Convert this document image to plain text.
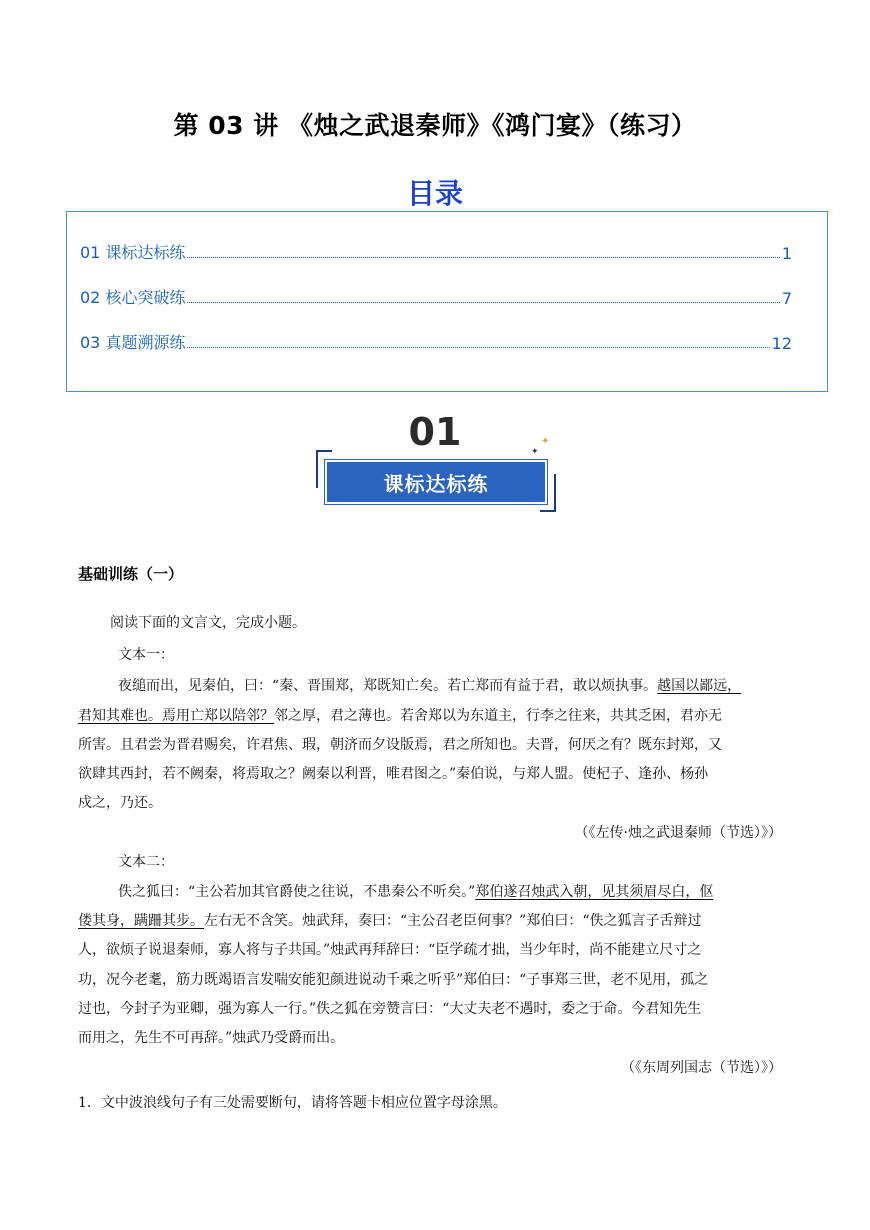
第 03 讲 《烛之武退秦师》《鸿门宴》（练习）
目录
01 课标达标练	1
02 核心突破练	7
03 真题溯源练	12
01	✦
✦
课标达标练
基础训练（一）
阅读下面的文言文，完成小题。
文本一：
夜缒而出，见秦伯，曰：“秦、晋围郑，郑既知亡矣。若亡郑而有益于君，敢以烦执事。越国以鄙远，
君知其难也。焉用亡郑以陪邻？邻之厚，君之薄也。若舍郑以为东道主，行李之往来，共其乏困，君亦无
所害。且君尝为晋君赐矣，许君焦、瑕，朝济而夕设版焉，君之所知也。夫晋，何厌之有？既东封郑，又
欲肆其西封，若不阙秦，将焉取之？阙秦以利晋，唯君图之。”秦伯说，与郑人盟。使杞子、逢孙、杨孙
戍之，乃还。
（《左传·烛之武退秦师（节选）》）
文本二：
佚之狐曰：“主公若加其官爵使之往说，不患秦公不听矣。”郑伯遂召烛武入朝，见其须眉尽白，伛
偻其身，蹒跚其步。左右无不含笑。烛武拜，奏曰：“主公召老臣何事？”郑伯曰：“佚之狐言子舌辩过
人，欲烦子说退秦师，寡人将与子共国。”烛武再拜辞曰：“臣学疏才拙，当少年时，尚不能建立尺寸之
功，况今老耄，筋力既竭语言发喘安能犯颜进说动千乘之听乎”郑伯曰：“子事郑三世，老不见用，孤之
过也，今封子为亚卿，强为寡人一行。”佚之狐在旁赞言曰：“大丈夫老不遇时，委之于命。今君知先生
而用之，先生不可再辞。”烛武乃受爵而出。
（《东周列国志（节选）》）
1．文中波浪线句子有三处需要断句，请将答题卡相应位置字母涂黑。
